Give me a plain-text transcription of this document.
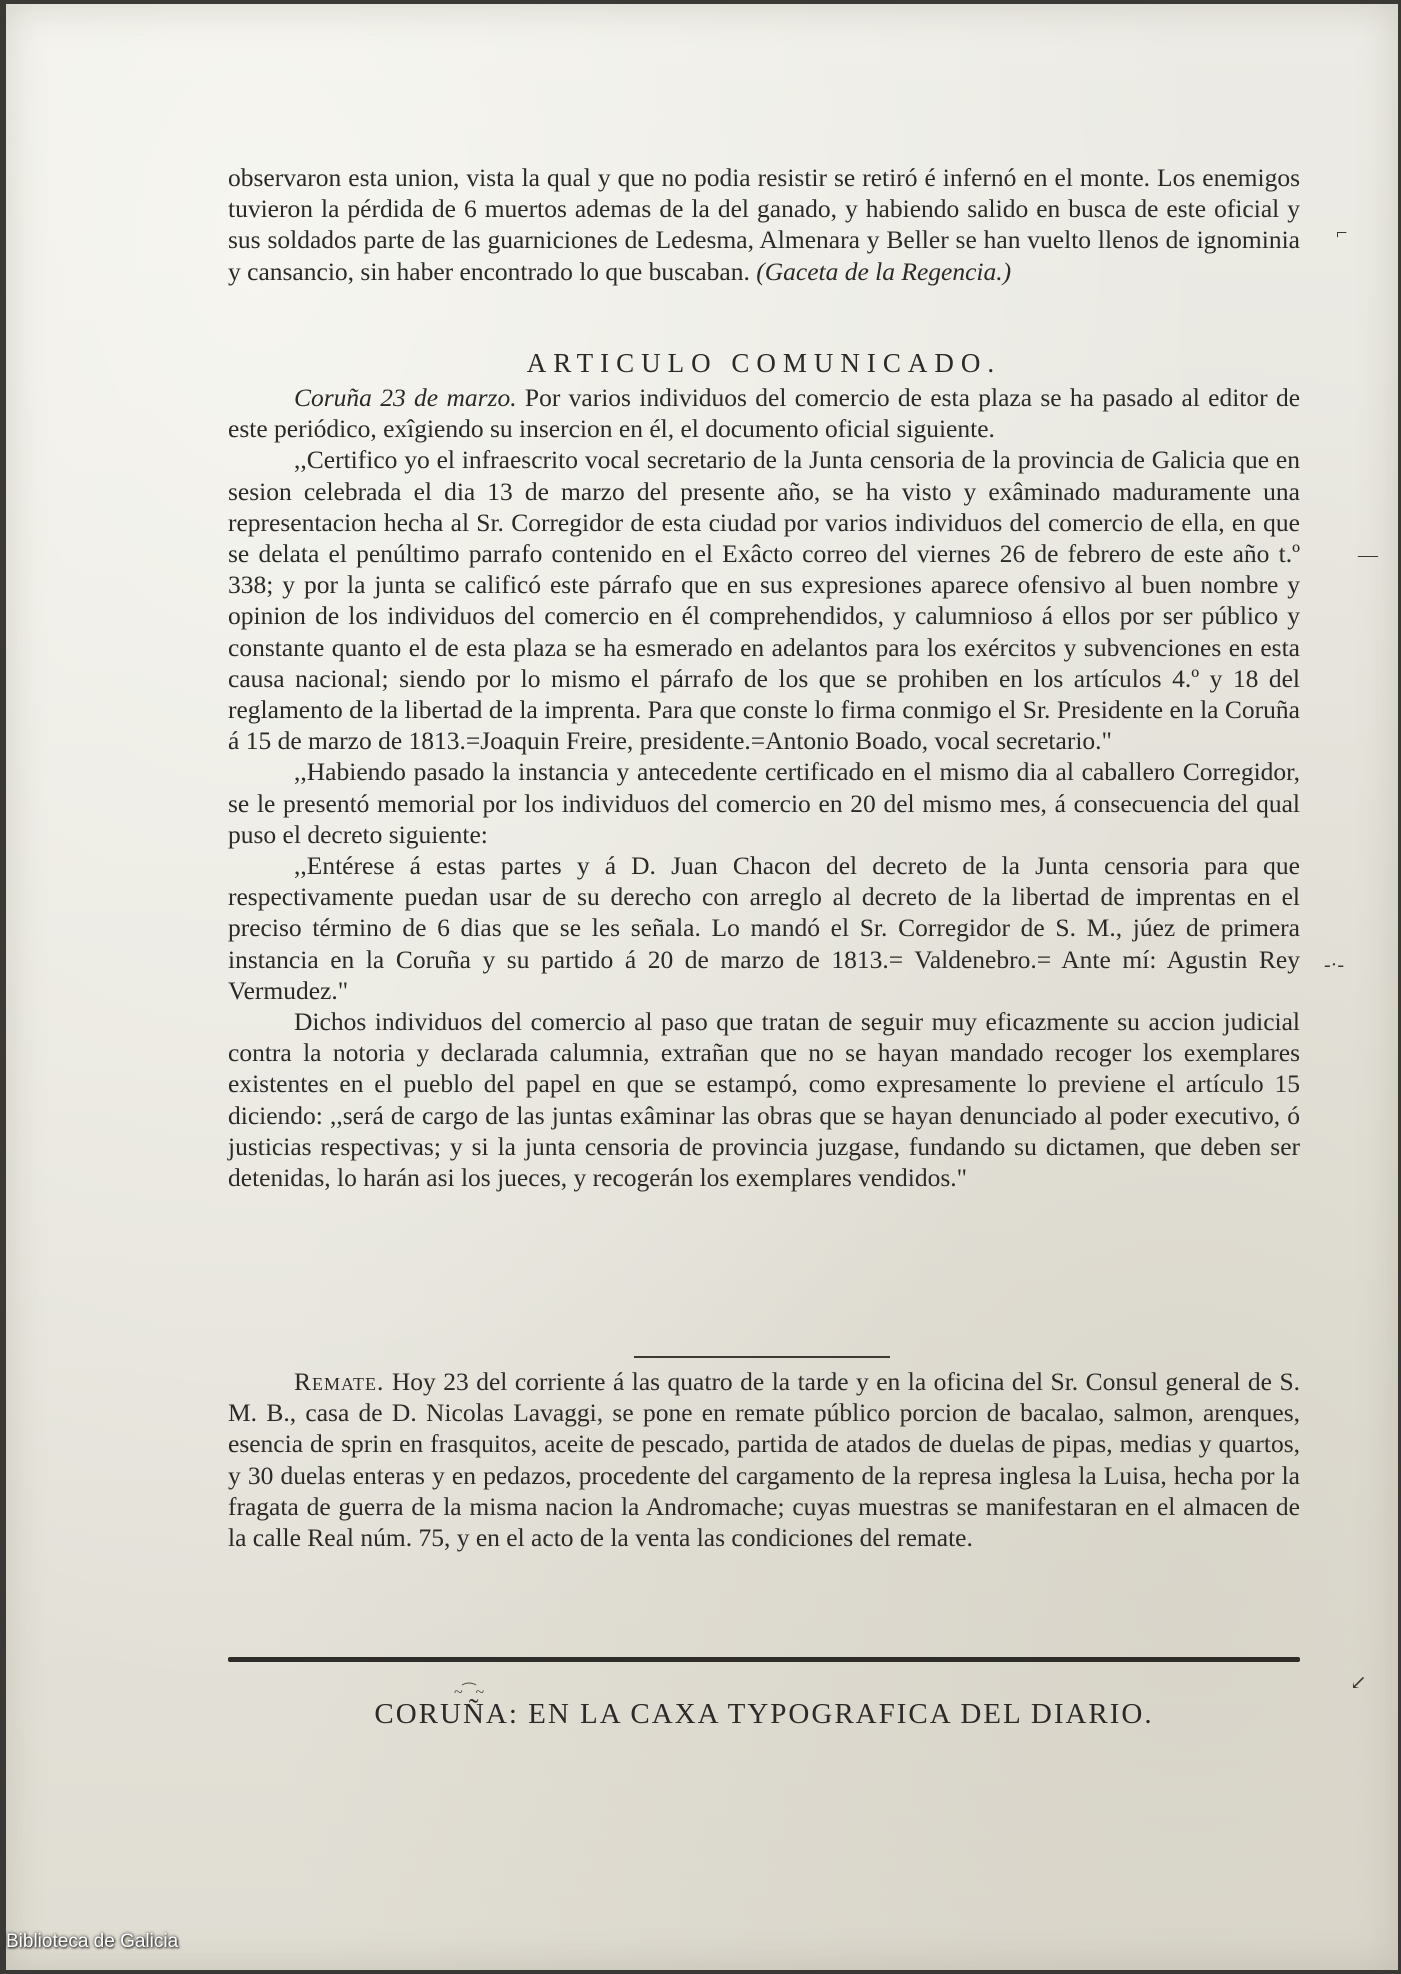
observaron esta union, vista la qual y que no podia resistir se retiró é infernó en el monte. Los enemigos tuvieron la pérdida de 6 muertos ademas de la del ganado, y habiendo salido en busca de este oficial y sus soldados parte de las guarniciones de Ledesma, Almenara y Beller se han vuelto llenos de ignominia y cansancio, sin haber encontrado lo que buscaban. (Gaceta de la Regencia.)

ARTICULO COMUNICADO.

Coruña 23 de marzo. Por varios individuos del comercio de esta plaza se ha pasado al editor de este periódico, exîgiendo su insercion en él, el documento oficial siguiente.

,,Certifico yo el infraescrito vocal secretario de la Junta censoria de la provincia de Galicia que en sesion celebrada el dia 13 de marzo del presente año, se ha visto y exâminado maduramente una representacion hecha al Sr. Corregidor de esta ciudad por varios individuos del comercio de ella, en que se delata el penúltimo parrafo contenido en el Exâcto correo del viernes 26 de febrero de este año t.º 338; y por la junta se calificó este párrafo que en sus expresiones aparece ofensivo al buen nombre y opinion de los individuos del comercio en él comprehendidos, y calumnioso á ellos por ser público y constante quanto el de esta plaza se ha esmerado en adelantos para los exércitos y subvenciones en esta causa nacional; siendo por lo mismo el párrafo de los que se prohiben en los artículos 4.º y 18 del reglamento de la libertad de la imprenta. Para que conste lo firma conmigo el Sr. Presidente en la Coruña á 15 de marzo de 1813.=Joaquin Freire, presidente.=Antonio Boado, vocal secretario."

,,Habiendo pasado la instancia y antecedente certificado en el mismo dia al caballero Corregidor, se le presentó memorial por los individuos del comercio en 20 del mismo mes, á consecuencia del qual puso el decreto siguiente:

,,Entérese á estas partes y á D. Juan Chacon del decreto de la Junta censoria para que respectivamente puedan usar de su derecho con arreglo al decreto de la libertad de imprentas en el preciso término de 6 dias que se les señala. Lo mandó el Sr. Corregidor de S. M., júez de primera instancia en la Coruña y su partido á 20 de marzo de 1813.= Valdenebro.= Ante mí: Agustin Rey Vermudez."

Dichos individuos del comercio al paso que tratan de seguir muy eficazmente su accion judicial contra la notoria y declarada calumnia, extrañan que no se hayan mandado recoger los exemplares existentes en el pueblo del papel en que se estampó, como expresamente lo previene el artículo 15 diciendo: ,,será de cargo de las juntas exâminar las obras que se hayan denunciado al poder executivo, ó justicias respectivas; y si la junta censoria de provincia juzgase, fundando su dictamen, que deben ser detenidas, lo harán asi los jueces, y recogerán los exemplares vendidos."

Remate. Hoy 23 del corriente á las quatro de la tarde y en la oficina del Sr. Consul general de S. M. B., casa de D. Nicolas Lavaggi, se pone en remate público porcion de bacalao, salmon, arenques, esencia de sprin en frasquitos, aceite de pescado, partida de atados de duelas de pipas, medias y quartos, y 30 duelas enteras y en pedazos, procedente del cargamento de la represa inglesa la Luisa, hecha por la fragata de guerra de la misma nacion la Andromache; cuyas muestras se manifestaran en el almacen de la calle Real núm. 75, y en el acto de la venta las condiciones del remate.

~⁀~
CORUÑA: EN LA CAXA TYPOGRAFICA DEL DIARIO.
⌐
—
-·-
↙
Biblioteca de Galicia
